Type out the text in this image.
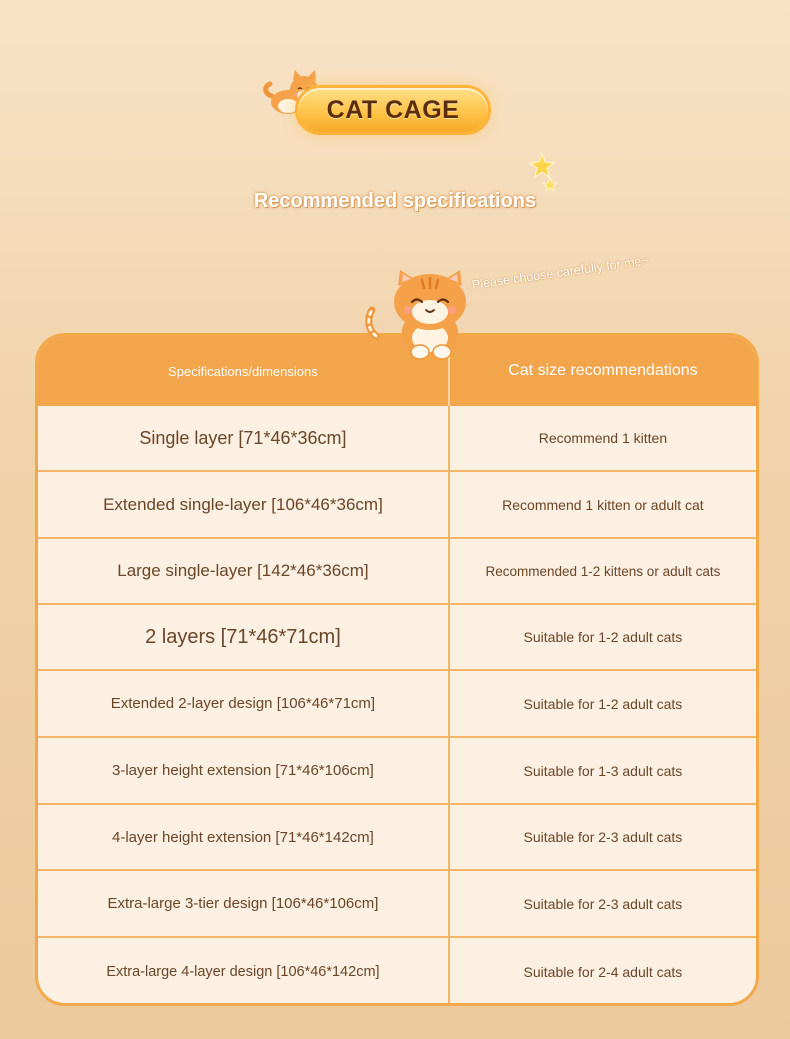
CAT CAGE
Recommended specifications
Please choose carefully for me~
Specifications/dimensions	Cat size recommendations
Single layer [71*46*36cm]	Recommend 1 kitten
Extended single-layer [106*46*36cm]	Recommend 1 kitten or adult cat
Large single-layer [142*46*36cm]	Recommended 1-2 kittens or adult cats
2 layers [71*46*71cm]	Suitable for 1-2 adult cats
Extended 2-layer design [106*46*71cm]	Suitable for 1-2 adult cats
3-layer height extension [71*46*106cm]	Suitable for 1-3 adult cats
4-layer height extension [71*46*142cm]	Suitable for 2-3 adult cats
Extra-large 3-tier design [106*46*106cm]	Suitable for 2-3 adult cats
Extra-large 4-layer design [106*46*142cm]	Suitable for 2-4 adult cats
